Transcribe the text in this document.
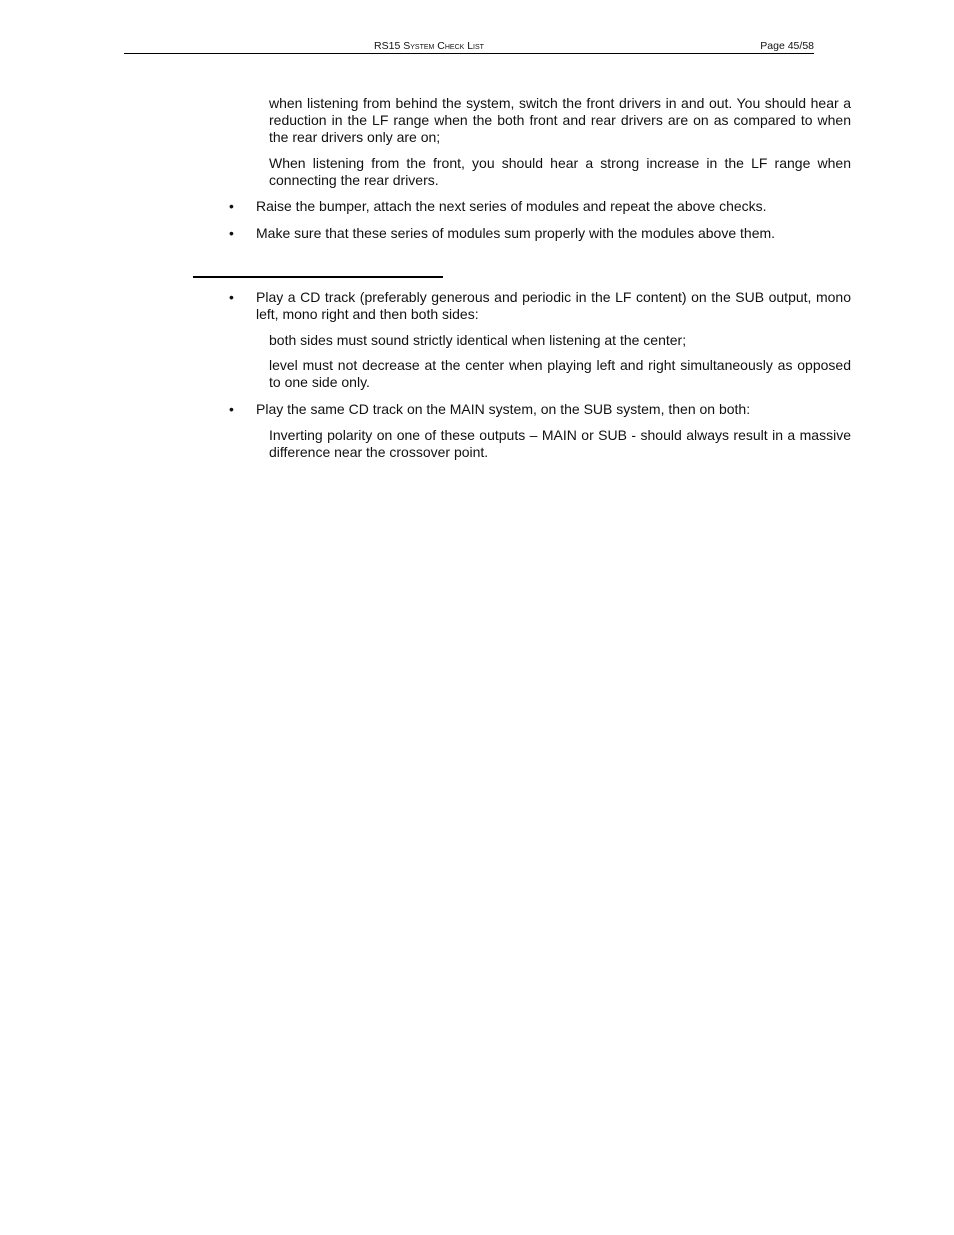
RS15 System Check List	Page 45/58

when listening from behind the system, switch the front drivers in and out. You should hear a reduction in the LF range when the both front and rear drivers are on as compared to when the rear drivers only are on;

When listening from the front, you should hear a strong increase in the LF range when connecting the rear drivers.

•	Raise the bumper, attach the next series of modules and repeat the above checks.

•	Make sure that these series of modules sum properly with the modules above them.

•	Play a CD track (preferably generous and periodic in the LF content) on the SUB output, mono left, mono right and then both sides:

both sides must sound strictly identical when listening at the center;

level must not decrease at the center when playing left and right simultaneously as opposed to one side only.

•	Play the same CD track on the MAIN system, on the SUB system, then on both:

Inverting polarity on one of these outputs – MAIN or SUB - should always result in a massive difference near the crossover point.
